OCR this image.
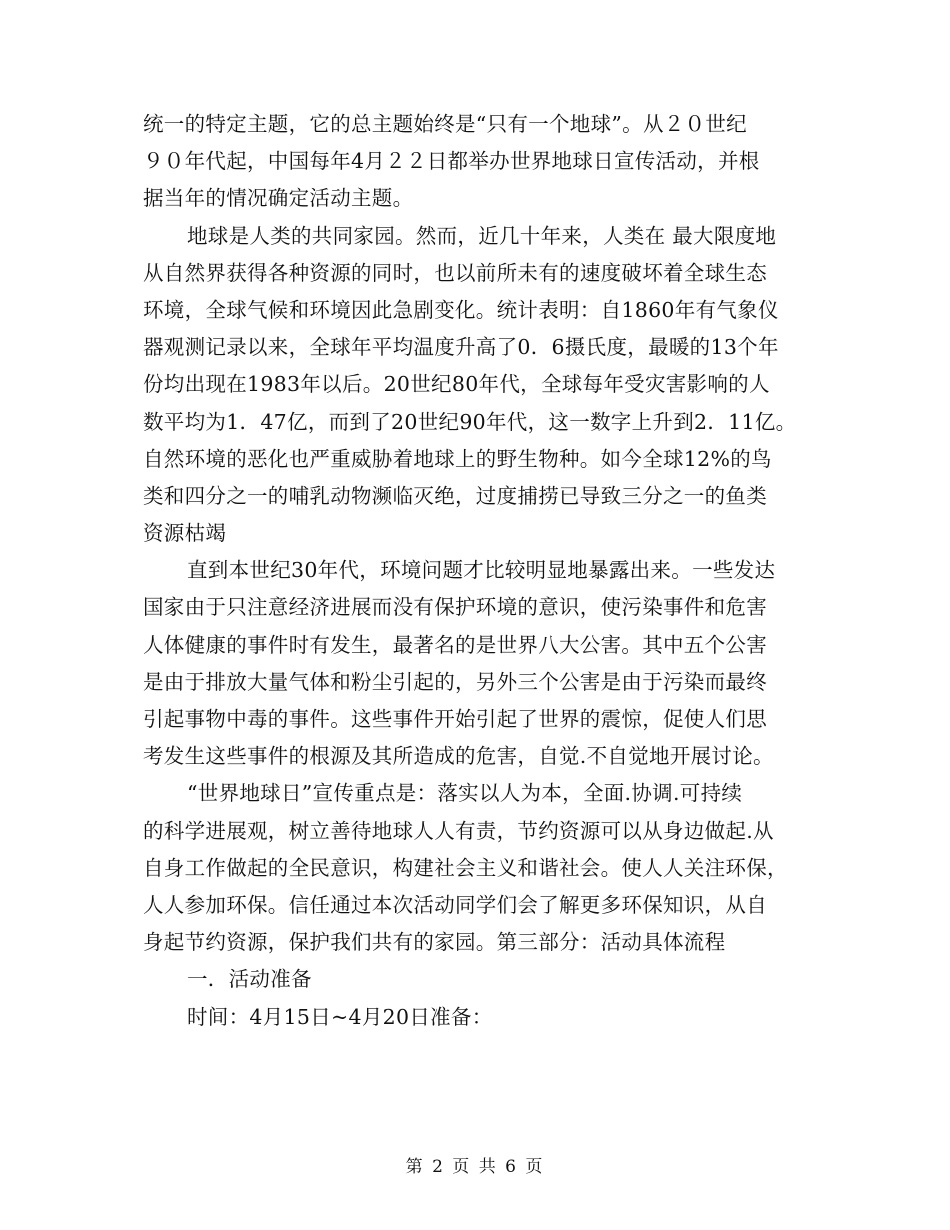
统一的特定主题，它的总主题始终是“只有一个地球”。从２０世纪
９０年代起，中国每年4月２２日都举办世界地球日宣传活动，并根
据当年的情况确定活动主题。
地球是人类的共同家园。然而，近几十年来，人类在 最大限度地
从自然界获得各种资源的同时，也以前所未有的速度破坏着全球生态
环境，全球气候和环境因此急剧变化。统计表明：自1860年有气象仪
器观测记录以来，全球年平均温度升高了0．6摄氏度，最暖的13个年
份均出现在1983年以后。20世纪80年代，全球每年受灾害影响的人
数平均为1．47亿，而到了20世纪90年代，这一数字上升到2．11亿。
自然环境的恶化也严重威胁着地球上的野生物种。如今全球12%的鸟
类和四分之一的哺乳动物濒临灭绝，过度捕捞已导致三分之一的鱼类
资源枯竭
直到本世纪30年代，环境问题才比较明显地暴露出来。一些发达
国家由于只注意经济进展而没有保护环境的意识，使污染事件和危害
人体健康的事件时有发生，最著名的是世界八大公害。其中五个公害
是由于排放大量气体和粉尘引起的，另外三个公害是由于污染而最终
引起事物中毒的事件。这些事件开始引起了世界的震惊，促使人们思
考发生这些事件的根源及其所造成的危害，自觉.不自觉地开展讨论。
“世界地球日”宣传重点是：落实以人为本，全面.协调.可持续
的科学进展观，树立善待地球人人有责，节约资源可以从身边做起.从
自身工作做起的全民意识，构建社会主义和谐社会。使人人关注环保，
人人参加环保。信任通过本次活动同学们会了解更多环保知识，从自
身起节约资源，保护我们共有的家园。第三部分：活动具体流程
一．活动准备
时间：4月15日~4月20日准备：
第 2 页 共 6 页
